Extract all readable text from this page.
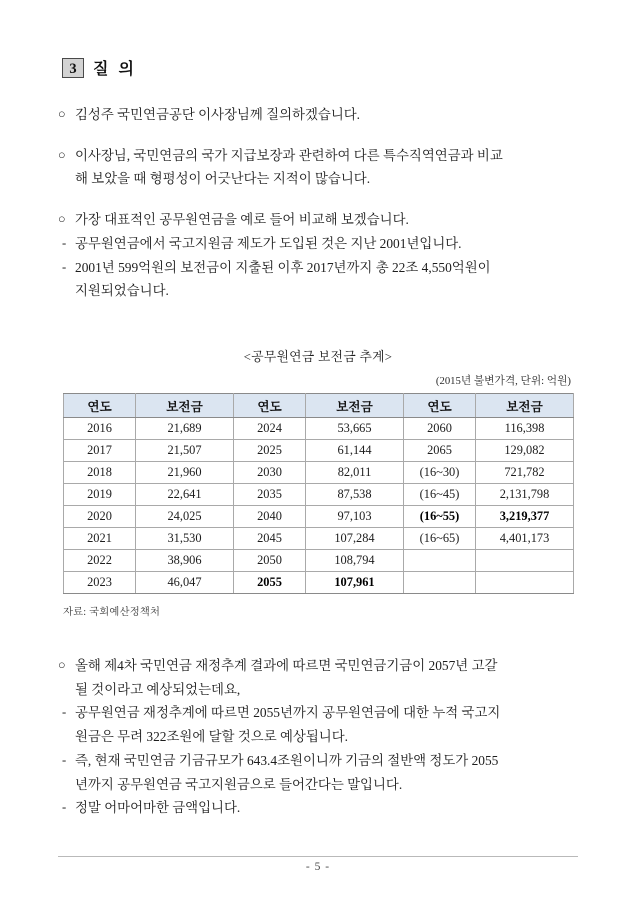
3	질 의
○ 김성주 국민연금공단 이사장님께 질의하겠습니다.
○ 이사장님, 국민연금의 국가 지급보장과 관련하여 다른 특수직역연금과 비교
해 보았을 때 형평성이 어긋난다는 지적이 많습니다.
○ 가장 대표적인 공무원연금을 예로 들어 비교해 보겠습니다.
- 공무원연금에서 국고지원금 제도가 도입된 것은 지난 2001년입니다.
- 2001년 599억원의 보전금이 지출된 이후 2017년까지 총 22조 4,550억원이
지원되었습니다.
<공무원연금 보전금 추계>
(2015년 불변가격, 단위: 억원)
연도	보전금	연도	보전금	연도	보전금
2016	21,689	2024	53,665	2060	116,398
2017	21,507	2025	61,144	2065	129,082
2018	21,960	2030	82,011	(16~30)	721,782
2019	22,641	2035	87,538	(16~45)	2,131,798
2020	24,025	2040	97,103	(16~55)	3,219,377
2021	31,530	2045	107,284	(16~65)	4,401,173
2022	38,906	2050	108,794		
2023	46,047	2055	107,961		
자료: 국회예산정책처
○ 올해 제4차 국민연금 재정추계 결과에 따르면 국민연금기금이 2057년 고갈
될 것이라고 예상되었는데요,
- 공무원연금 재정추계에 따르면 2055년까지 공무원연금에 대한 누적 국고지
원금은 무려 322조원에 달할 것으로 예상됩니다.
- 즉, 현재 국민연금 기금규모가 643.4조원이니까 기금의 절반액 정도가 2055
년까지 공무원연금 국고지원금으로 들어간다는 말입니다.
- 정말 어마어마한 금액입니다.
- 5 -
